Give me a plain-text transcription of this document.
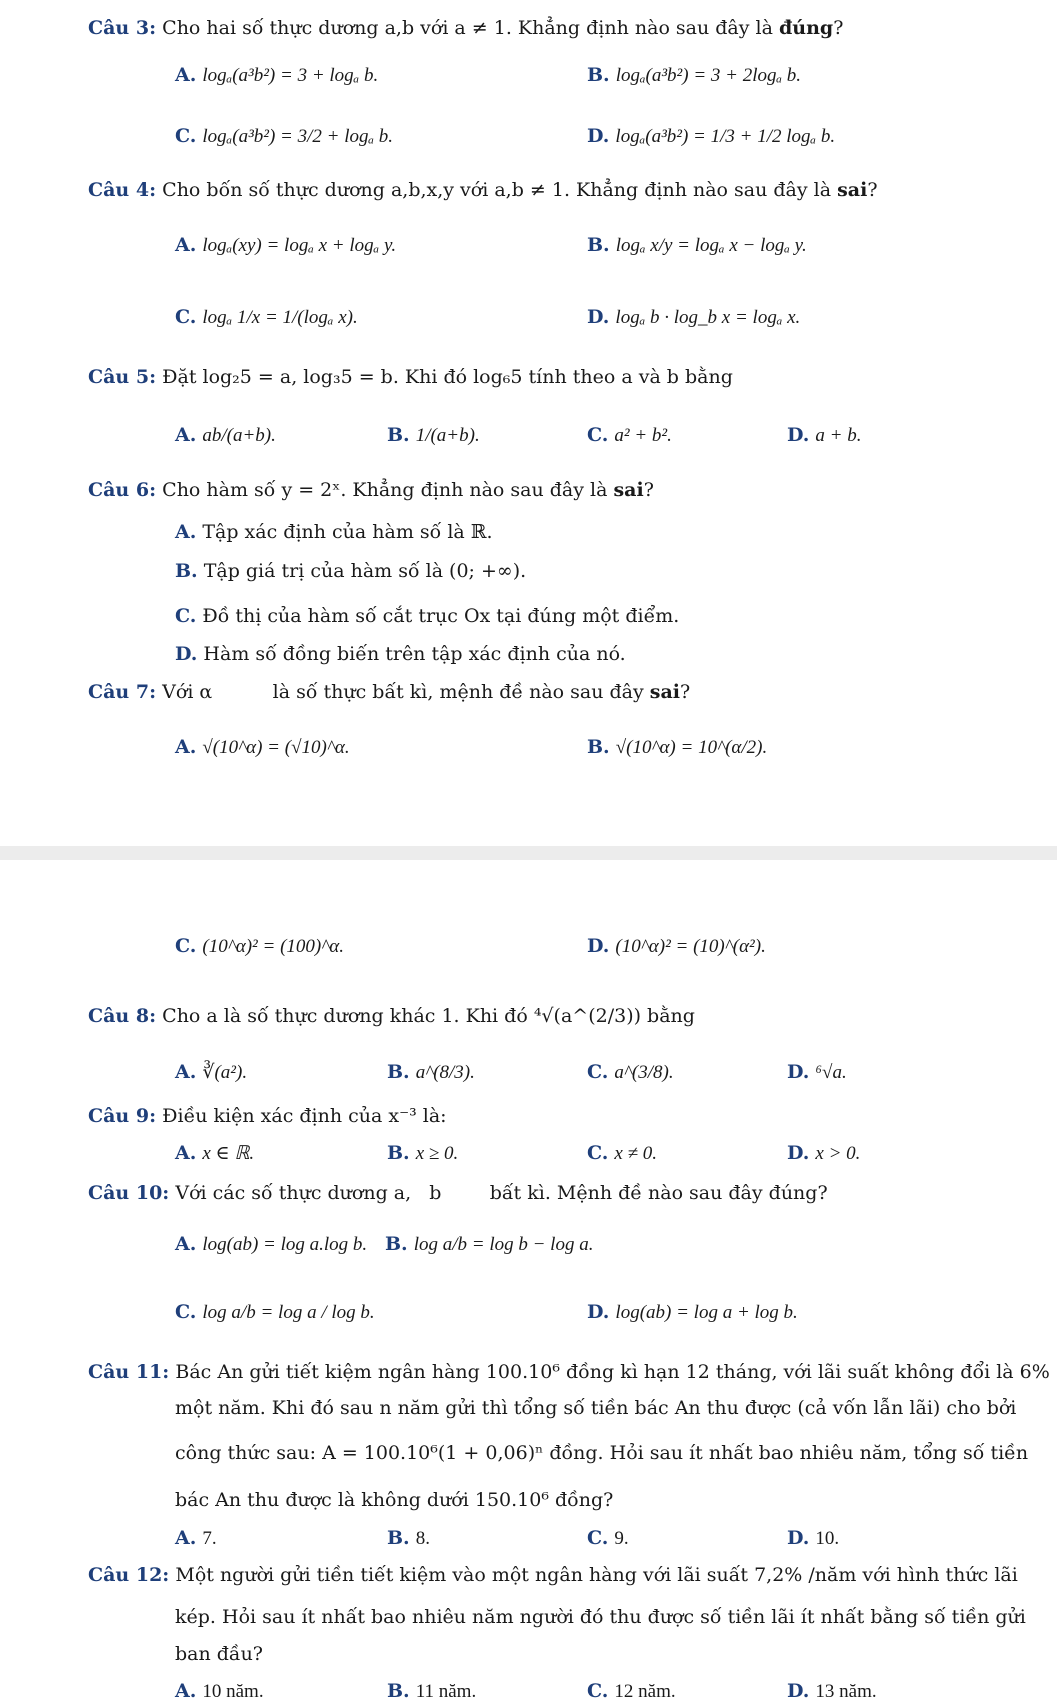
Câu 3: Cho hai số thực dương a,b với a ≠ 1. Khẳng định nào sau đây là đúng?
A. logₐ(a³b²) = 3 + logₐ b.	B. logₐ(a³b²) = 3 + 2logₐ b.
C. logₐ(a³b²) = 3/2 + logₐ b.	D. logₐ(a³b²) = 1/3 + 1/2 logₐ b.
Câu 4: Cho bốn số thực dương a,b,x,y với a,b ≠ 1. Khẳng định nào sau đây là sai?
A. logₐ(xy) = logₐ x + logₐ y.	B. logₐ x/y = logₐ x − logₐ y.
C. logₐ 1/x = 1/(logₐ x).	D. logₐ b · log_b x = logₐ x.
Câu 5: Đặt log₂5 = a, log₃5 = b. Khi đó log₆5 tính theo a và b bằng
A. ab/(a+b).	B. 1/(a+b).	C. a² + b².	D. a + b.
Câu 6: Cho hàm số y = 2ˣ. Khẳng định nào sau đây là sai?
A. Tập xác định của hàm số là ℝ.
B. Tập giá trị của hàm số là (0; +∞).
C. Đồ thị của hàm số cắt trục Ox tại đúng một điểm.
D. Hàm số đồng biến trên tập xác định của nó.
Câu 7: Với α          là số thực bất kì, mệnh đề nào sau đây sai?
A. √(10^α) = (√10)^α.	B. √(10^α) = 10^(α/2).
C. (10^α)² = (100)^α.	D. (10^α)² = (10)^(α²).
Câu 8: Cho a là số thực dương khác 1. Khi đó ⁴√(a^(2/3)) bằng
A. ∛(a²).	B. a^(8/3).	C. a^(3/8).	D. ⁶√a.
Câu 9: Điều kiện xác định của x⁻³ là:
A. x ∈ ℝ.	B. x ≥ 0.	C. x ≠ 0.	D. x > 0.
Câu 10: Với các số thực dương a,   b        bất kì. Mệnh đề nào sau đây đúng?
A. log(ab) = log a.log b. B. log a/b = log b − log a.
C. log a/b = log a / log b.	D. log(ab) = log a + log b.
Câu 11: Bác An gửi tiết kiệm ngân hàng 100.10⁶ đồng kì hạn 12 tháng, với lãi suất không đổi là 6%
một năm. Khi đó sau n năm gửi thì tổng số tiền bác An thu được (cả vốn lẫn lãi) cho bởi
công thức sau: A = 100.10⁶(1 + 0,06)ⁿ đồng. Hỏi sau ít nhất bao nhiêu năm, tổng số tiền
bác An thu được là không dưới 150.10⁶ đồng?
A. 7.	B. 8.	C. 9.	D. 10.
Câu 12: Một người gửi tiền tiết kiệm vào một ngân hàng với lãi suất 7,2% /năm với hình thức lãi
kép. Hỏi sau ít nhất bao nhiêu năm người đó thu được số tiền lãi ít nhất bằng số tiền gửi
ban đầu?
A. 10 năm.	B. 11 năm.	C. 12 năm.	D. 13 năm.
